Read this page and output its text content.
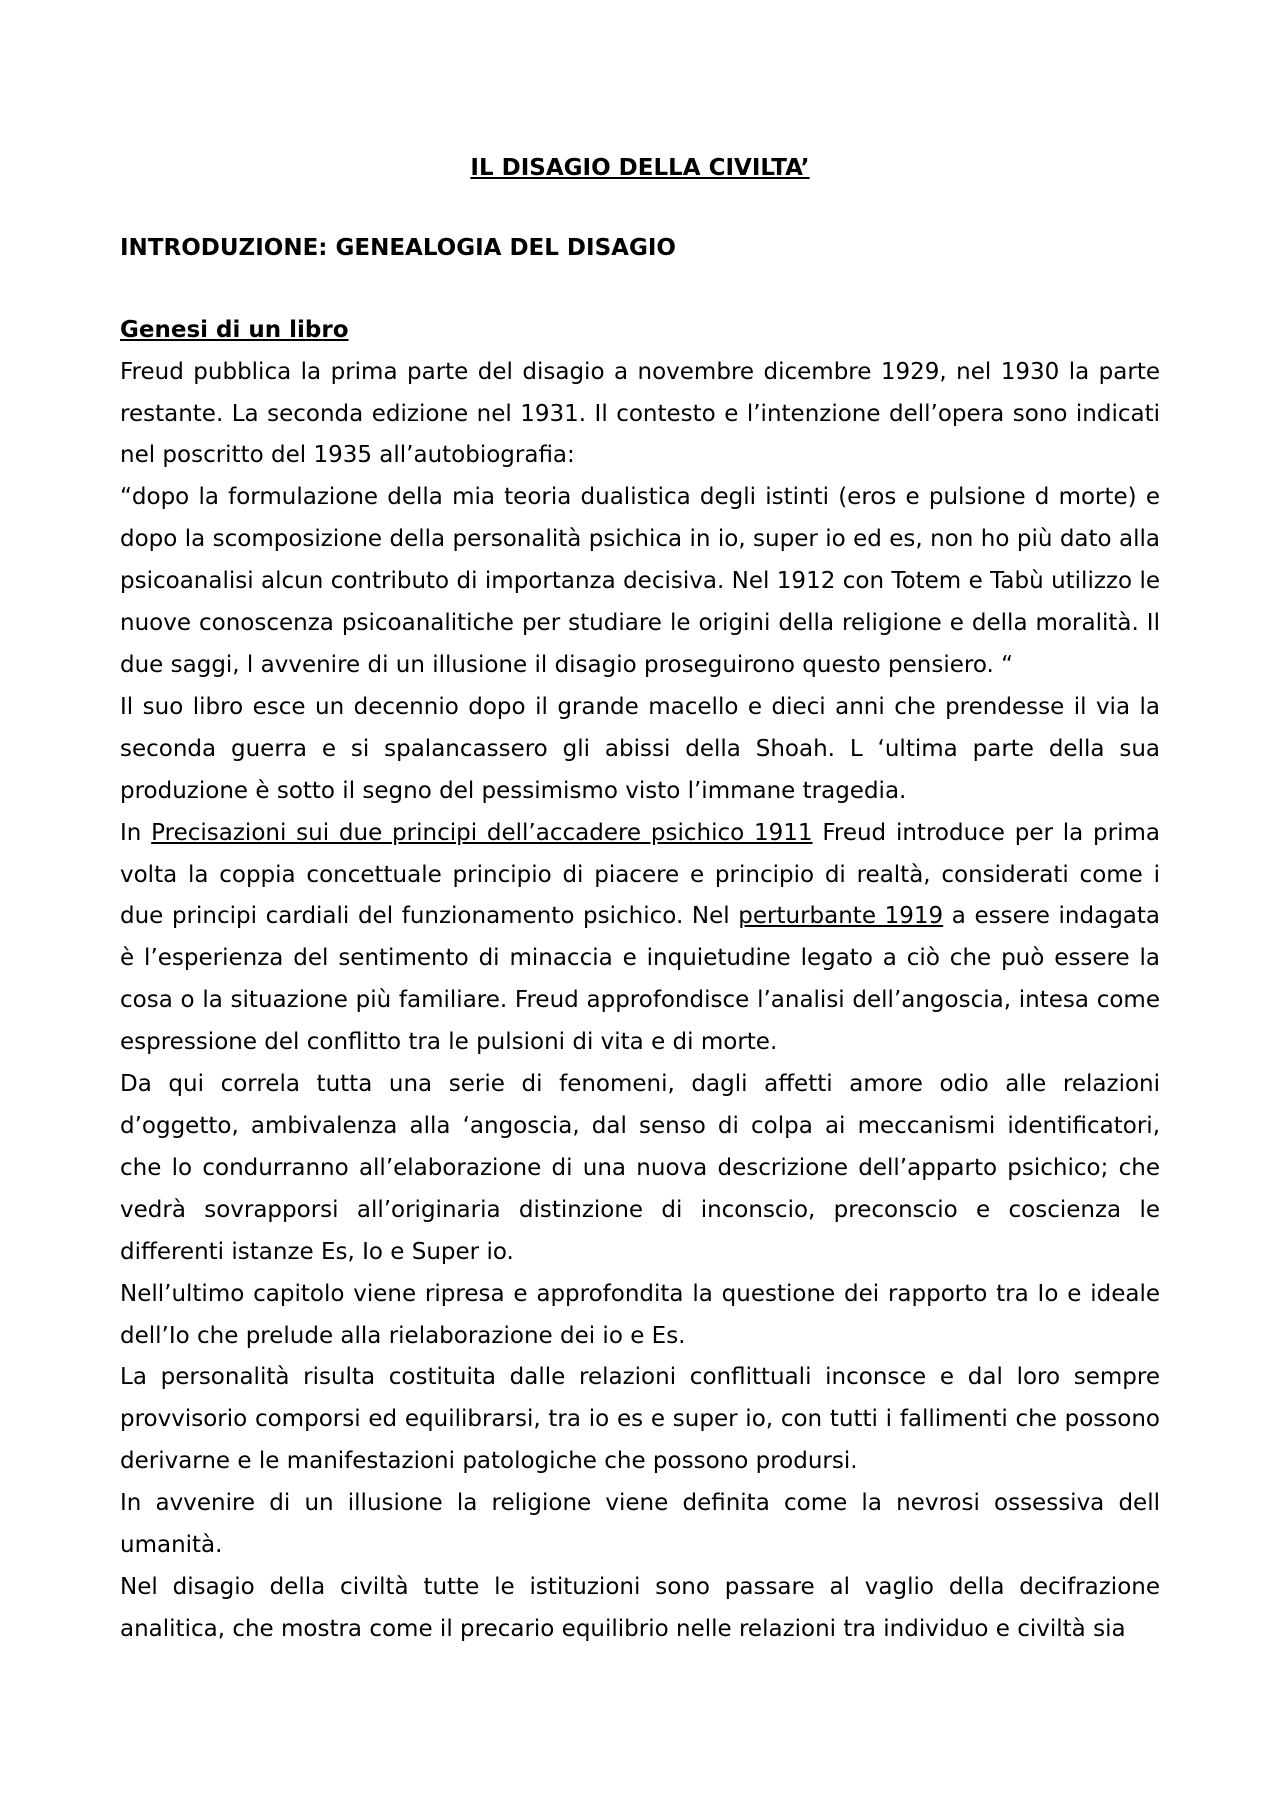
IL DISAGIO DELLA CIVILTA’
INTRODUZIONE: GENEALOGIA DEL DISAGIO
Genesi di un libro

Freud pubblica la prima parte del disagio a novembre dicembre 1929, nel 1930 la parte restante. La seconda edizione nel 1931. Il contesto e l’intenzione dell’opera sono indicati nel poscritto del 1935 all’autobiografia:

“dopo la formulazione della mia teoria dualistica degli istinti (eros e pulsione d morte) e dopo la scomposizione della personalità psichica in io, super io ed es, non ho più dato alla psicoanalisi alcun contributo di importanza decisiva. Nel 1912 con Totem e Tabù utilizzo le nuove conoscenza psicoanalitiche per studiare le origini della religione e della moralità. Il due saggi, l avvenire di un illusione il disagio proseguirono questo pensiero. “

Il suo libro esce un decennio dopo il grande macello e dieci anni che prendesse il via la seconda guerra e si spalancassero gli abissi della Shoah. L ‘ultima parte della sua produzione è sotto il segno del pessimismo visto l’immane tragedia.

In Precisazioni sui due principi dell’accadere psichico 1911 Freud introduce per la prima volta la coppia concettuale principio di piacere e principio di realtà, considerati come i due principi cardiali del funzionamento psichico. Nel perturbante 1919 a essere indagata è l’esperienza del sentimento di minaccia e inquietudine legato a ciò che può essere la cosa o la situazione più familiare. Freud approfondisce l’analisi dell’angoscia, intesa come espressione del conflitto tra le pulsioni di vita e di morte.

Da qui correla tutta una serie di fenomeni, dagli affetti amore odio alle relazioni d’oggetto, ambivalenza alla ‘angoscia, dal senso di colpa ai meccanismi identificatori, che lo condurranno all’elaborazione di una nuova descrizione dell’apparto psichico; che vedrà sovrapporsi all’originaria distinzione di inconscio, preconscio e coscienza le differenti istanze Es, Io e Super io.

Nell’ultimo capitolo viene ripresa e approfondita la questione dei rapporto tra Io e ideale dell’Io che prelude alla rielaborazione dei io e Es.

La personalità risulta costituita dalle relazioni conflittuali inconsce e dal loro sempre provvisorio comporsi ed equilibrarsi, tra io es e super io, con tutti i fallimenti che possono derivarne e le manifestazioni patologiche che possono prodursi.

In avvenire di un illusione la religione viene definita come la nevrosi ossessiva dell umanità.

Nel disagio della civiltà tutte le istituzioni sono passare al vaglio della decifrazione analitica, che mostra come il precario equilibrio nelle relazioni tra individuo e civiltà sia
